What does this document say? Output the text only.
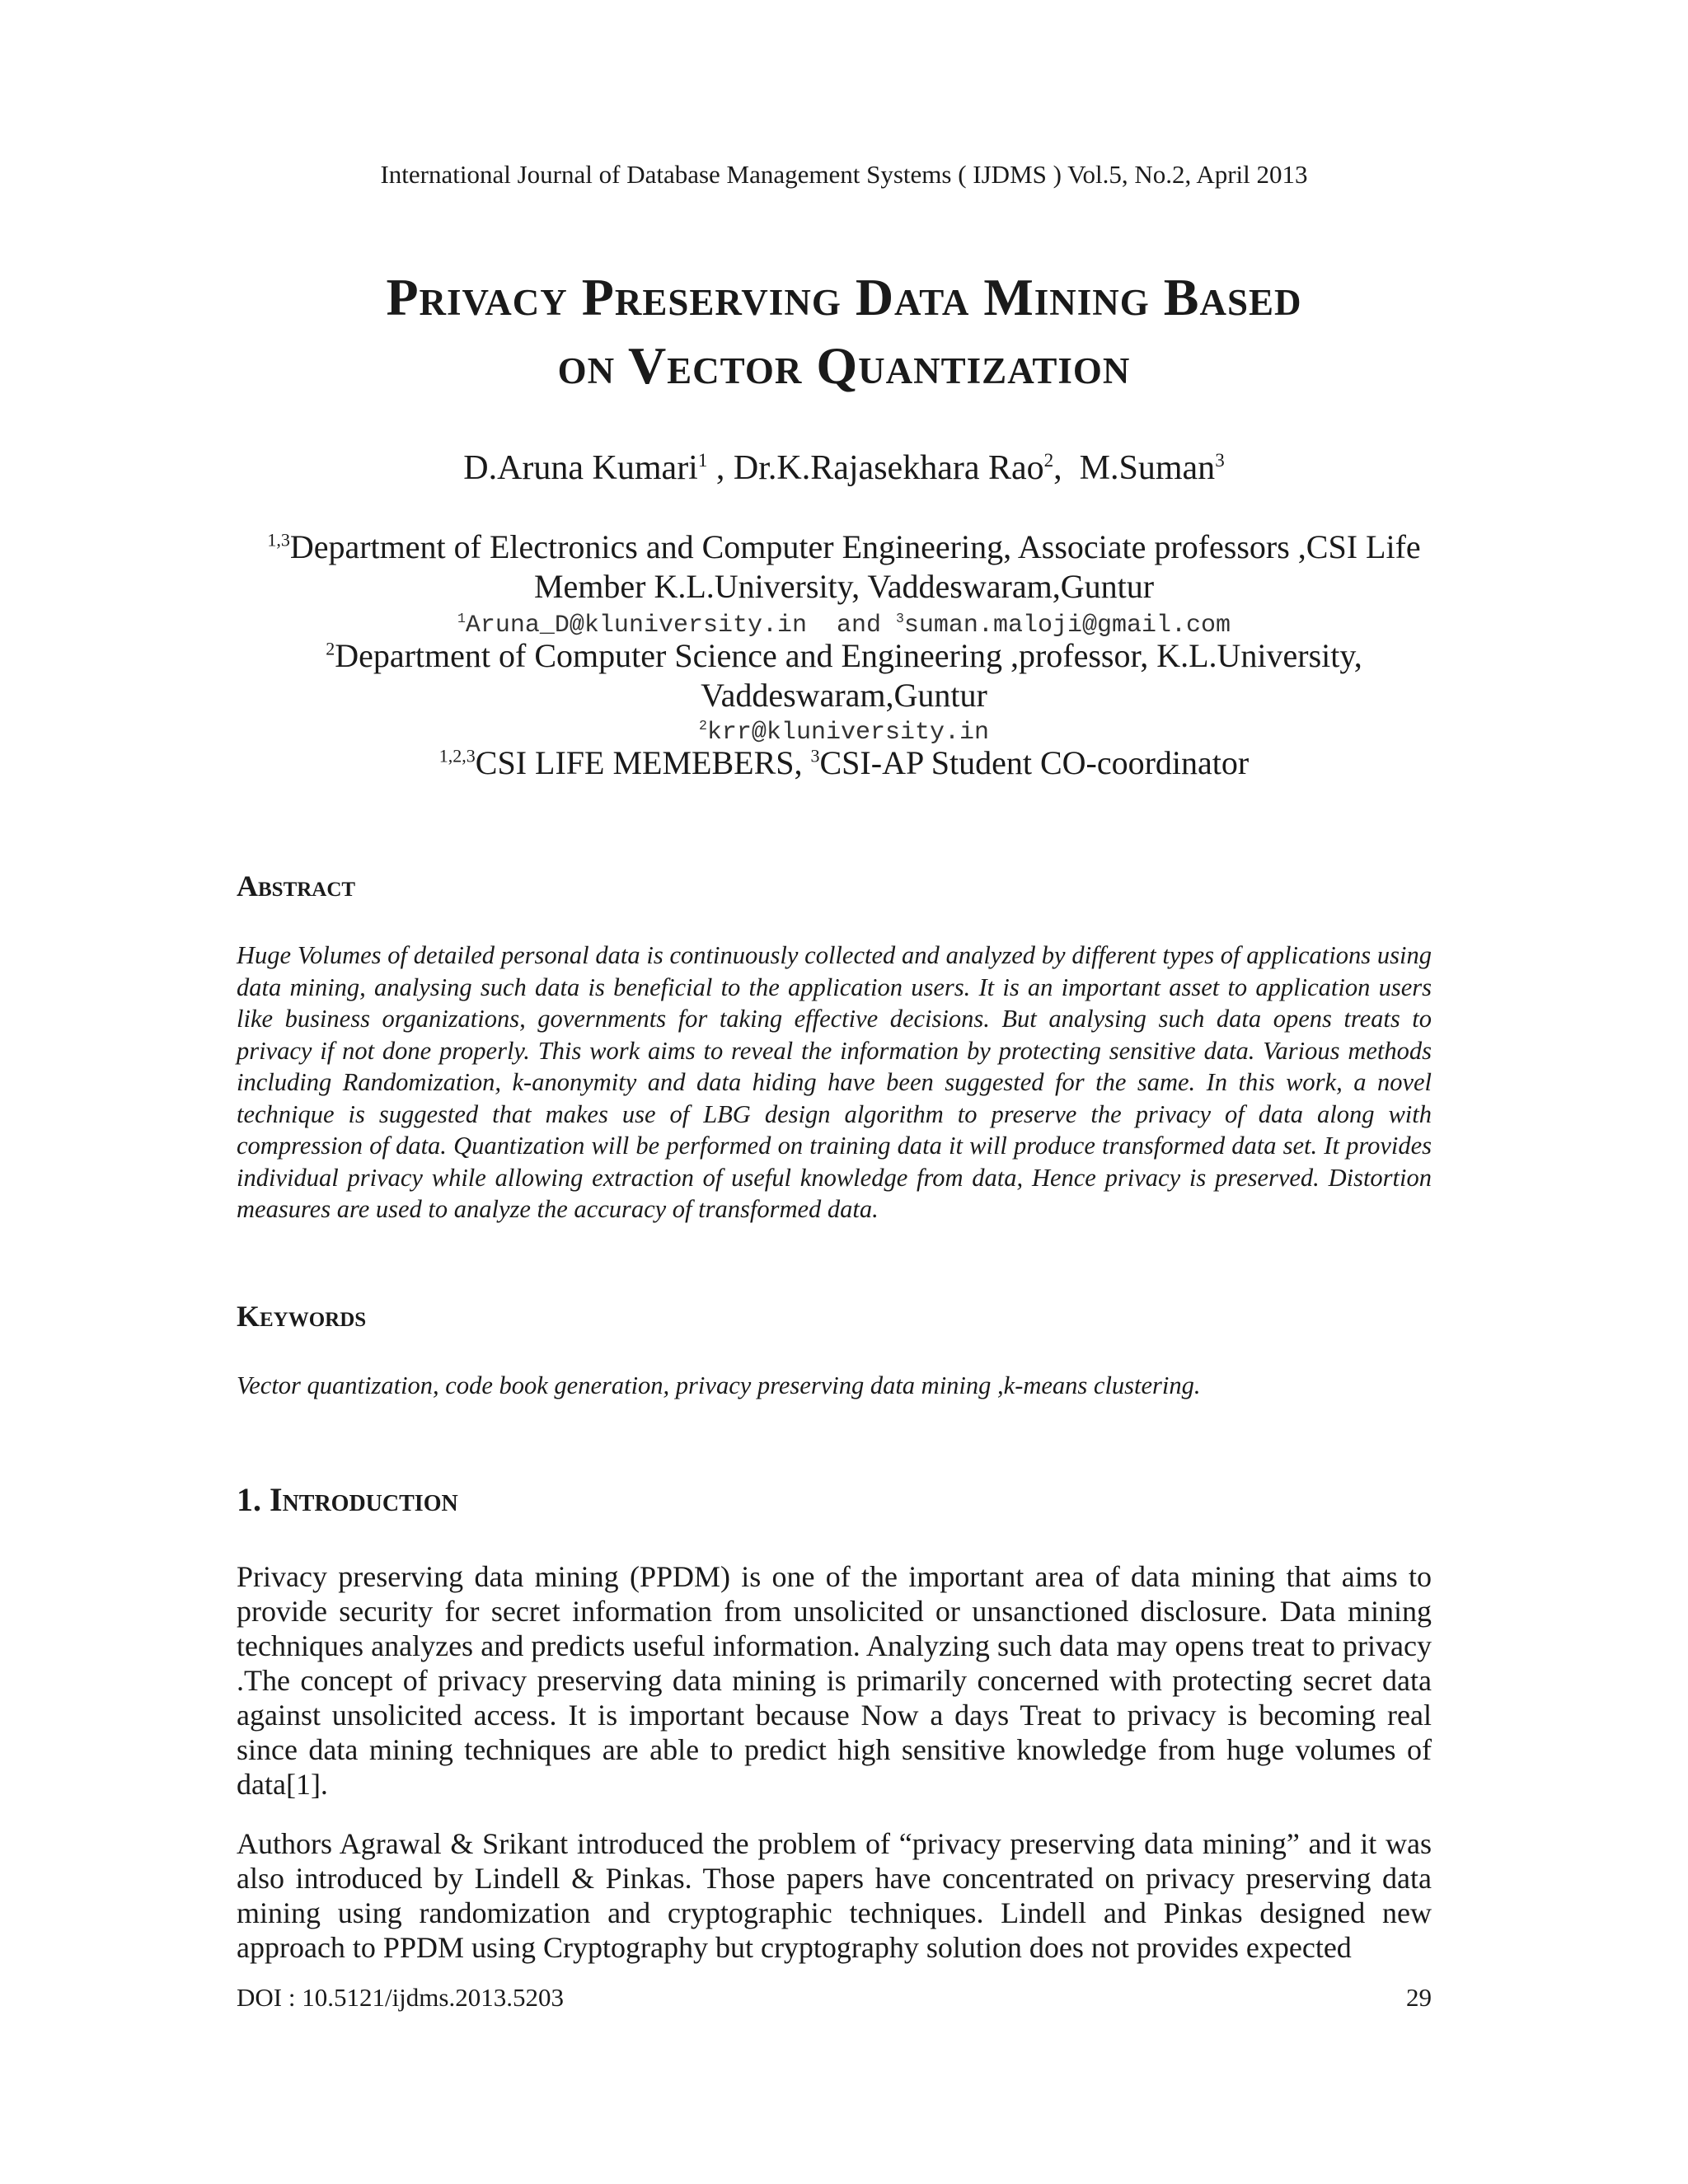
International Journal of Database Management Systems ( IJDMS ) Vol.5, No.2, April 2013
Privacy Preserving Data Mining Based
on Vector Quantization
D.Aruna Kumari$^1$ , Dr.K.Rajasekhara Rao$^2$,  M.Suman$^3$
$^{1,3}$Department of Electronics and Computer Engineering, Associate professors ,CSI Life
Member K.L.University, Vaddeswaram,Guntur
$^1$Aruna_D@kluniversity.in  and $^3$suman.maloji@gmail.com
$^2$Department of Computer Science and Engineering ,professor, K.L.University,
Vaddeswaram,Guntur
$^2$krr@kluniversity.in
$^{1,2,3}$CSI LIFE MEMEBERS, $^3$CSI-AP Student CO-coordinator
Abstract
Huge Volumes of detailed personal data is continuously collected and analyzed by different types of applications using data mining, analysing such data is beneficial to the application users. It is an important asset to application users like business organizations, governments for taking effective decisions. But analysing such data opens treats to privacy if not done properly. This work aims to reveal the information by protecting sensitive data. Various methods including Randomization, k-anonymity and data hiding have been suggested for the same. In this work, a novel technique is suggested that makes use of LBG design algorithm to preserve the privacy of data along with compression of data. Quantization will be performed on training data it will produce transformed data set. It provides individual privacy while allowing extraction of useful knowledge from data, Hence privacy is preserved. Distortion measures are used to analyze the accuracy of transformed data.
Keywords
Vector quantization, code book generation, privacy preserving data mining ,k-means clustering.
1. Introduction
Privacy preserving data mining (PPDM) is one of the important area of data mining that aims to provide security for secret information from unsolicited or unsanctioned disclosure. Data mining techniques analyzes and predicts useful information. Analyzing such data may opens treat to privacy .The concept of privacy preserving data mining is primarily concerned with protecting secret data against unsolicited access. It is important because Now a days Treat to privacy is becoming real since data mining techniques are able to predict high sensitive knowledge from huge volumes of data[1].
Authors Agrawal & Srikant introduced the problem of “privacy preserving data mining” and it was also introduced by Lindell & Pinkas. Those papers have concentrated on privacy preserving data mining using randomization and cryptographic techniques. Lindell and Pinkas designed new approach to PPDM using Cryptography but cryptography solution does not provides expected
DOI : 10.5121/ijdms.2013.5203	29
